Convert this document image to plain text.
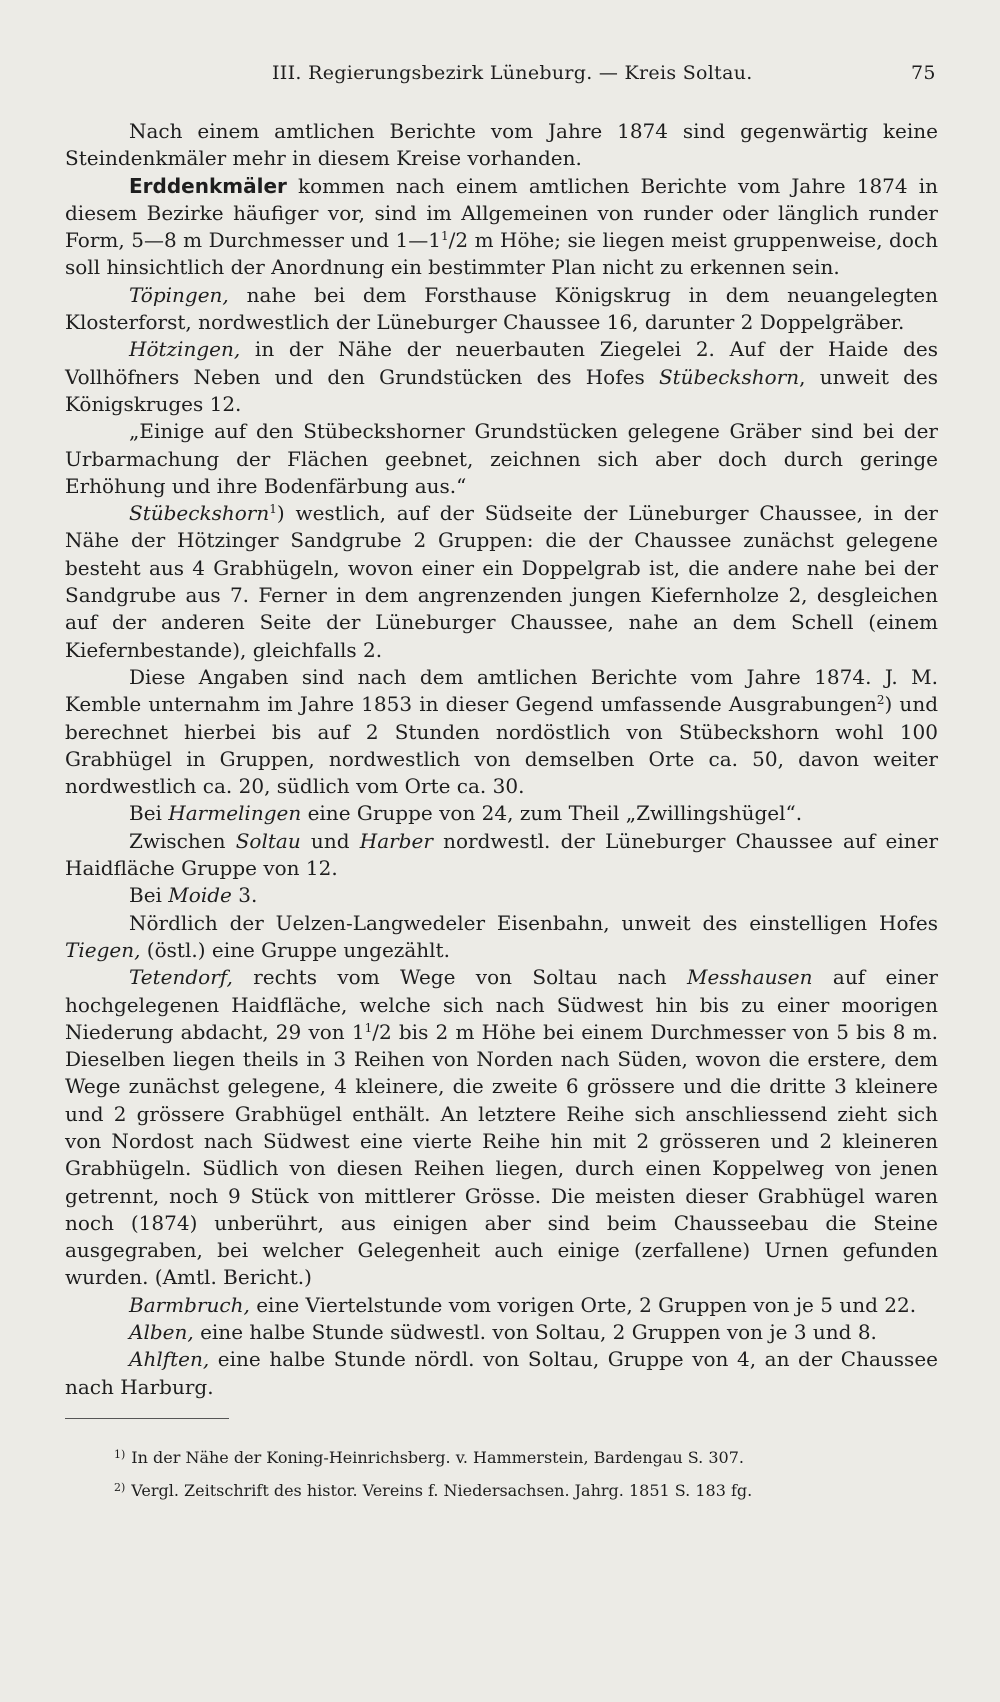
III. Regierungsbezirk Lüneburg. — Kreis Soltau.	75

Nach einem amtlichen Berichte vom Jahre 1874 sind gegenwärtig keine Steindenkmäler mehr in diesem Kreise vorhanden.

Erddenkmäler kommen nach einem amtlichen Berichte vom Jahre 1874 in diesem Bezirke häufiger vor, sind im Allgemeinen von runder oder länglich runder Form, 5—8 m Durchmesser und $1—1^1/2$ m Höhe; sie liegen meist gruppenweise, doch soll hinsichtlich der Anordnung ein bestimmter Plan nicht zu erkennen sein.

Töpingen, nahe bei dem Forsthause Königskrug in dem neuangelegten Klosterforst, nordwestlich der Lüneburger Chaussee 16, darunter 2 Doppelgräber.

Hötzingen, in der Nähe der neuerbauten Ziegelei 2. Auf der Haide des Vollhöfners Neben und den Grundstücken des Hofes Stübeckshorn, unweit des Königskruges 12.

„Einige auf den Stübeckshorner Grundstücken gelegene Gräber sind bei der Urbarmachung der Flächen geebnet, zeichnen sich aber doch durch geringe Erhöhung und ihre Bodenfärbung aus.“

Stübeckshorn$^1$) westlich, auf der Südseite der Lüneburger Chaussee, in der Nähe der Hötzinger Sandgrube 2 Gruppen: die der Chaussee zunächst gelegene besteht aus 4 Grabhügeln, wovon einer ein Doppelgrab ist, die andere nahe bei der Sandgrube aus 7. Ferner in dem angrenzenden jungen Kiefernholze 2, desgleichen auf der anderen Seite der Lüneburger Chaussee, nahe an dem Schell (einem Kiefernbestande), gleichfalls 2.

Diese Angaben sind nach dem amtlichen Berichte vom Jahre 1874. J. M. Kemble unternahm im Jahre 1853 in dieser Gegend umfassende Ausgrabungen$^2$) und berechnet hierbei bis auf 2 Stunden nordöstlich von Stübeckshorn wohl 100 Grabhügel in Gruppen, nordwestlich von demselben Orte ca. 50, davon weiter nordwestlich ca. 20, südlich vom Orte ca. 30.

Bei Harmelingen eine Gruppe von 24, zum Theil „Zwillingshügel“.

Zwischen Soltau und Harber nordwestl. der Lüneburger Chaussee auf einer Haidfläche Gruppe von 12.

Bei Moide 3.

Nördlich der Uelzen-Langwedeler Eisenbahn, unweit des einstelligen Hofes Tiegen, (östl.) eine Gruppe ungezählt.

Tetendorf, rechts vom Wege von Soltau nach Messhausen auf einer hochgelegenen Haidfläche, welche sich nach Südwest hin bis zu einer moorigen Niederung abdacht, 29 von $1^1/2$ bis 2 m Höhe bei einem Durchmesser von 5 bis 8 m. Dieselben liegen theils in 3 Reihen von Norden nach Süden, wovon die erstere, dem Wege zunächst gelegene, 4 kleinere, die zweite 6 grössere und die dritte 3 kleinere und 2 grössere Grabhügel enthält. An letztere Reihe sich anschliessend zieht sich von Nordost nach Südwest eine vierte Reihe hin mit 2 grösseren und 2 kleineren Grabhügeln. Südlich von diesen Reihen liegen, durch einen Koppelweg von jenen getrennt, noch 9 Stück von mittlerer Grösse. Die meisten dieser Grabhügel waren noch (1874) unberührt, aus einigen aber sind beim Chausseebau die Steine ausgegraben, bei welcher Gelegenheit auch einige (zerfallene) Urnen gefunden wurden. (Amtl. Bericht.)

Barmbruch, eine Viertelstunde vom vorigen Orte, 2 Gruppen von je 5 und 22.

Alben, eine halbe Stunde südwestl. von Soltau, 2 Gruppen von je 3 und 8.

Ahlften, eine halbe Stunde nördl. von Soltau, Gruppe von 4, an der Chaussee nach Harburg.

$^{1)}$ In der Nähe der Koning-Heinrichsberg. v. Hammerstein, Bardengau S. 307.
$^{2)}$ Vergl. Zeitschrift des histor. Vereins f. Niedersachsen. Jahrg. 1851 S. 183 fg.
